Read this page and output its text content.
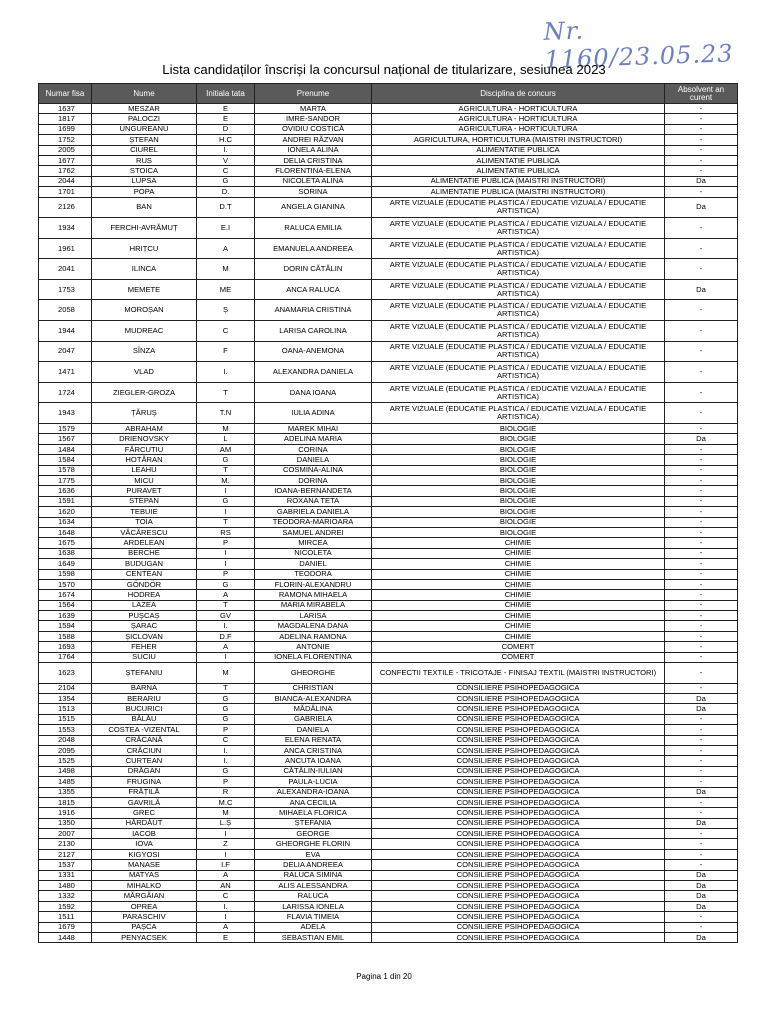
Nr. 1160/23.05.23
Lista candidaților înscriși la concursul național de titularizare, sesiunea 2023
Numar fisa	Nume	Initiala tata	Prenume	Disciplina de concurs	Absolvent an curent
1637	MESZAR	E	MARTA	AGRICULTURA - HORTICULTURA	-
1817	PALOCZI	E	IMRE-SANDOR	AGRICULTURA - HORTICULTURA	-
1699	UNGUREANU	D	OVIDIU COSTICĂ	AGRICULTURA - HORTICULTURA	-
1752	ȘTEFAN	H.C	ANDREI RĂZVAN	AGRICULTURA, HORTICULTURA (MAISTRI INSTRUCTORI)	-
2005	CIUREL	I.	IONELA ALINA	ALIMENTATIE PUBLICA	-
1677	RUS	V	DELIA CRISTINA	ALIMENTATIE PUBLICA	-
1762	STOICA	C	FLORENTINA-ELENA	ALIMENTATIE PUBLICA	-
2044	LUPSA	G	NICOLETA ALINA	ALIMENTATIE PUBLICA (MAISTRI INSTRUCTORI)	Da
1701	POPA	D.	SORINA	ALIMENTATIE PUBLICA (MAISTRI INSTRUCTORI)	-
2126	BAN	D.T	ANGELA GIANINA	ARTE VIZUALE (EDUCATIE PLASTICA / EDUCATIE VIZUALA / EDUCATIE ARTISTICA)	Da
1934	FERCHI-AVRĂMUȚ	E.I	RALUCA EMILIA	ARTE VIZUALE (EDUCATIE PLASTICA / EDUCATIE VIZUALA / EDUCATIE ARTISTICA)	-
1961	HRIȚCU	A	EMANUELA ANDREEA	ARTE VIZUALE (EDUCATIE PLASTICA / EDUCATIE VIZUALA / EDUCATIE ARTISTICA)	-
2041	ILINCA	M	DORIN CĂTĂLIN	ARTE VIZUALE (EDUCATIE PLASTICA / EDUCATIE VIZUALA / EDUCATIE ARTISTICA)	-
1753	MEMETE	ME	ANCA RALUCA	ARTE VIZUALE (EDUCATIE PLASTICA / EDUCATIE VIZUALA / EDUCATIE ARTISTICA)	Da
2058	MOROȘAN	Ș	ANAMARIA CRISTINA	ARTE VIZUALE (EDUCATIE PLASTICA / EDUCATIE VIZUALA / EDUCATIE ARTISTICA)	-
1944	MUDREAC	C	LARISA CAROLINA	ARTE VIZUALE (EDUCATIE PLASTICA / EDUCATIE VIZUALA / EDUCATIE ARTISTICA)	-
2047	SÎNZA	F	OANA-ANEMONA	ARTE VIZUALE (EDUCATIE PLASTICA / EDUCATIE VIZUALA / EDUCATIE ARTISTICA)	-
1471	VLAD	I.	ALEXANDRA DANIELA	ARTE VIZUALE (EDUCATIE PLASTICA / EDUCATIE VIZUALA / EDUCATIE ARTISTICA)	-
1724	ZIEGLER-GROZA	T	DANA IOANA	ARTE VIZUALE (EDUCATIE PLASTICA / EDUCATIE VIZUALA / EDUCATIE ARTISTICA)	-
1943	ȚĂRUȘ	T.N	IULIA ADINA	ARTE VIZUALE (EDUCATIE PLASTICA / EDUCATIE VIZUALA / EDUCATIE ARTISTICA)	-
1579	ABRAHAM	M	MAREK MIHAI	BIOLOGIE	-
1567	DRIENOVSKY	L	ADELINA MARIA	BIOLOGIE	Da
1484	FĂRCUTIU	AM	CORINA	BIOLOGIE	-
1584	HOTĂRAN	G	DANIELA	BIOLOGIE	-
1578	LEAHU	T	COSMINA-ALINA	BIOLOGIE	-
1775	MICU	M.	DORINA	BIOLOGIE	-
1636	PURAVET	I	IOANA-BERNANDETA	BIOLOGIE	-
1591	STEPAN	G	ROXANA TETA	BIOLOGIE	-
1620	TEBUIE	I	GABRIELA DANIELA	BIOLOGIE	-
1634	TOIA	T	TEODORA-MARIOARA	BIOLOGIE	-
1648	VĂCĂRESCU	RS	SAMUEL ANDREI	BIOLOGIE	-
1675	ARDELEAN	P	MIRCEA	CHIMIE	-
1638	BERCHE	I	NICOLETA	CHIMIE	-
1649	BUDUGAN	I	DANIEL	CHIMIE	-
1598	CENTEAN	P	TEODORA	CHIMIE	-
1570	GÖNDÖR	G	FLORIN-ALEXANDRU	CHIMIE	-
1674	HODREA	A	RAMONA MIHAELA	CHIMIE	-
1564	LAZEA	T	MARIA MIRABELA	CHIMIE	-
1639	PUȘCAȘ	GV	LARISA	CHIMIE	-
1594	ȘARAC	I.	MAGDALENA DANA	CHIMIE	-
1588	ȘICLOVAN	D.F	ADELINA RAMONA	CHIMIE	-
1693	FEHER	A	ANTONIE	COMERT	-
1764	SUCIU	I	IONELA FLORENTINA	COMERT	-
1623	ȘTEFANIU	M	GHEORGHE	CONFECTII TEXTILE - TRICOTAJE - FINISAJ TEXTIL (MAISTRI INSTRUCTORI)	-
2104	BARNA	T	CHRISTIAN	CONSILIERE PSIHOPEDAGOGICA	-
1354	BERARIU	G	BIANCA-ALEXANDRA	CONSILIERE PSIHOPEDAGOGICA	Da
1513	BUCURICI	G	MĂDĂLINA	CONSILIERE PSIHOPEDAGOGICA	Da
1515	BĂLĂU	G	GABRIELA	CONSILIERE PSIHOPEDAGOGICA	-
1553	COSTEA -VIZENTAL	P	DANIELA	CONSILIERE PSIHOPEDAGOGICA	-
2048	CRĂCANĂ	C	ELENA RENATA	CONSILIERE PSIHOPEDAGOGICA	-
2095	CRĂCIUN	I.	ANCA CRISTINA	CONSILIERE PSIHOPEDAGOGICA	-
1525	CURTEAN	I.	ANCUTA IOANA	CONSILIERE PSIHOPEDAGOGICA	-
1498	DRĂGAN	G	CĂTĂLIN-IULIAN	CONSILIERE PSIHOPEDAGOGICA	-
1485	FRUGINA	P	PAULA-LUCIA	CONSILIERE PSIHOPEDAGOGICA	-
1355	FRĂȚILĂ	R	ALEXANDRA-IOANA	CONSILIERE PSIHOPEDAGOGICA	Da
1815	GAVRILĂ	M.C	ANA CECILIA	CONSILIERE PSIHOPEDAGOGICA	-
1916	GREC	M	MIHAELA FLORICA	CONSILIERE PSIHOPEDAGOGICA	-
1350	HĂRDĂUT	L.Ș	ȘTEFANIA	CONSILIERE PSIHOPEDAGOGICA	Da
2007	IACOB	I	GEORGE	CONSILIERE PSIHOPEDAGOGICA	-
2130	IOVA	Z	GHEORGHE FLORIN	CONSILIERE PSIHOPEDAGOGICA	-
2127	KIGYOSI	I	EVA	CONSILIERE PSIHOPEDAGOGICA	-
1537	MANASE	I.F	DELIA ANDREEA	CONSILIERE PSIHOPEDAGOGICA	-
1331	MATYAS	A	RALUCA SIMINA	CONSILIERE PSIHOPEDAGOGICA	Da
1480	MIHALKO	AN	ALIS ALESSANDRA	CONSILIERE PSIHOPEDAGOGICA	Da
1332	MĂRGĂIAN	C	RALUCA	CONSILIERE PSIHOPEDAGOGICA	Da
1592	OPREA	I.	LARISSA IONELA	CONSILIERE PSIHOPEDAGOGICA	Da
1511	PARASCHIV	I	FLAVIA TIMEIA	CONSILIERE PSIHOPEDAGOGICA	-
1679	PAȘCA	A	ADELA	CONSILIERE PSIHOPEDAGOGICA	-
1448	PENYACSEK	E	SEBASTIAN EMIL	CONSILIERE PSIHOPEDAGOGICA	Da
Pagina 1 din 20
